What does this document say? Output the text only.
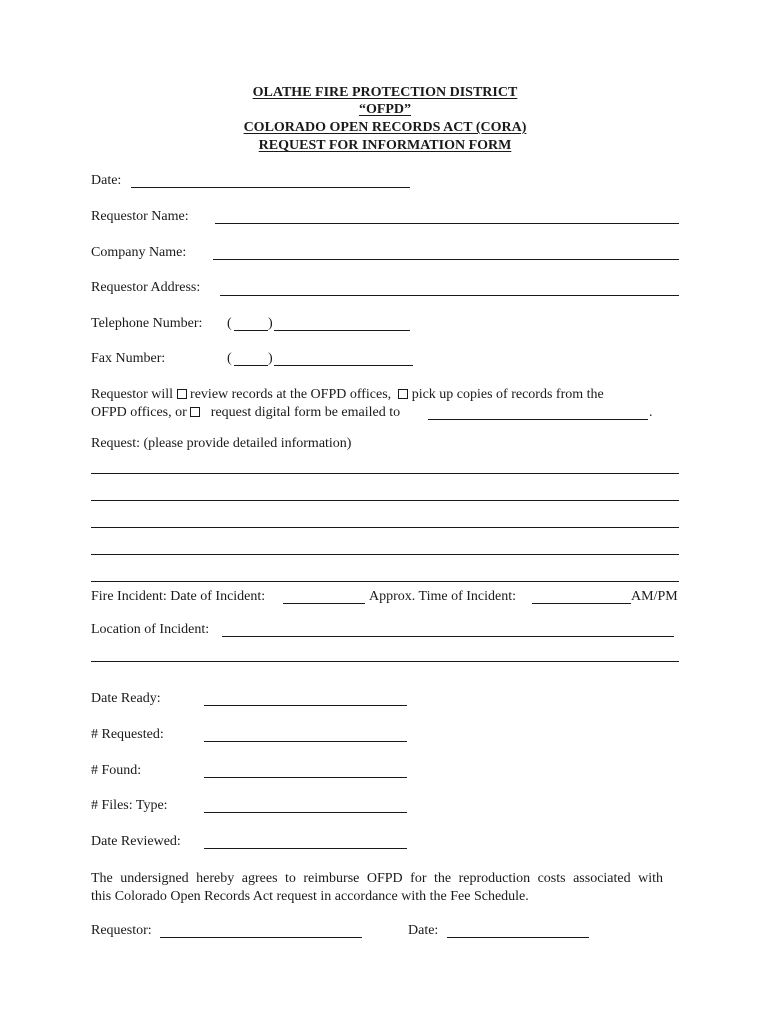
OLATHE FIRE PROTECTION DISTRICT
“OFPD”
COLORADO OPEN RECORDS ACT (CORA)
REQUEST FOR INFORMATION FORM
Date:
Requestor Name:
Company Name:
Requestor Address:
Telephone Number: (	)
Fax Number:	(	)
Requestor will review records at the OFPD offices, pick up copies of records from the
OFPD offices, or request digital form be emailed to	.
Request: (please provide detailed information)
Fire Incident: Date of Incident:	Approx. Time of Incident:	AM/PM
Location of Incident:
Date Ready:
# Requested:
# Found:
# Files: Type:
Date Reviewed:
The undersigned hereby agrees to reimburse OFPD for the reproduction costs associated with
this Colorado Open Records Act request in accordance with the Fee Schedule.
Requestor:	Date:
